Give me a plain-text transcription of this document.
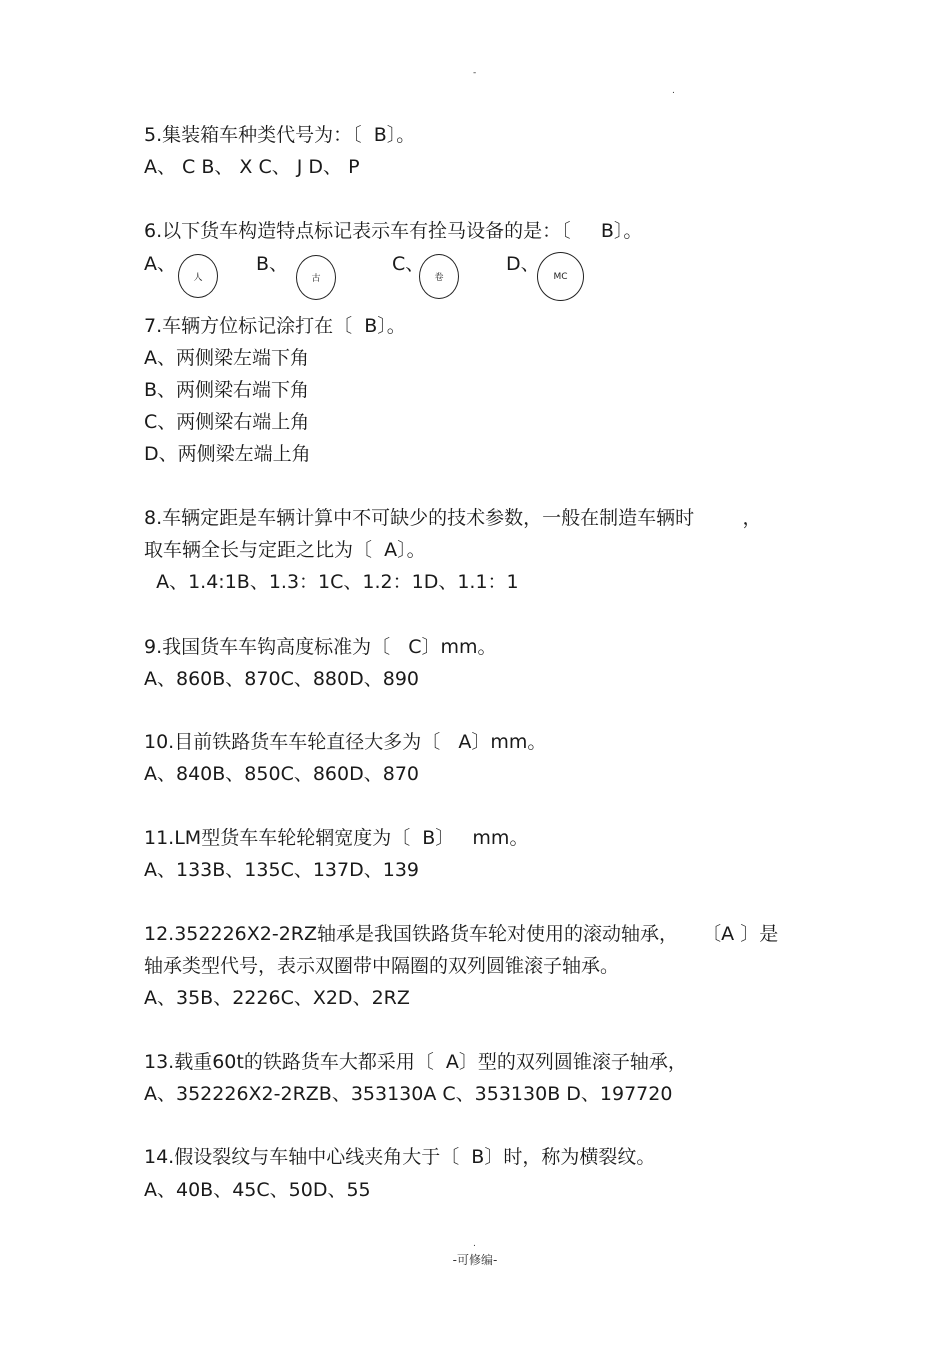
-
.
5.集装箱车种类代号为：〔  B〕。
A、 C B、 X C、 J D、 P
6.以下货车构造特点标记表示车有拴马设备的是：〔     B〕。
A、
人
B、
古
C、
卷
D、
MC
7.车辆方位标记涂打在〔  B〕。
A、两侧梁左端下角
B、两侧梁右端下角
C、两侧梁右端上角
D、两侧梁左端上角
8.车辆定距是车辆计算中不可缺少的技术参数，一般在制造车辆时        ，
取车辆全长与定距之比为〔  A〕。
A、1.4:1B、1.3：1C、1.2：1D、1.1：1
9.我国货车车钩高度标准为〔   C〕mm。
A、860B、870C、880D、890
10.目前铁路货车车轮直径大多为〔   A〕mm。
A、840B、850C、860D、870
11.LM型货车车轮轮辋宽度为〔  B〕   mm。
A、133B、135C、137D、139
12.352226X2-2RZ轴承是我国铁路货车轮对使用的滚动轴承，    〔A 〕是
轴承类型代号，表示双圈带中隔圈的双列圆锥滚子轴承。
A、35B、2226C、X2D、2RZ
13.载重60t的铁路货车大都采用〔  A〕型的双列圆锥滚子轴承，
A、352226X2-2RZB、353130A C、353130B D、197720
14.假设裂纹与车轴中心线夹角大于〔  B〕时，称为横裂纹。
A、40B、45C、50D、55
.
-可修编-
